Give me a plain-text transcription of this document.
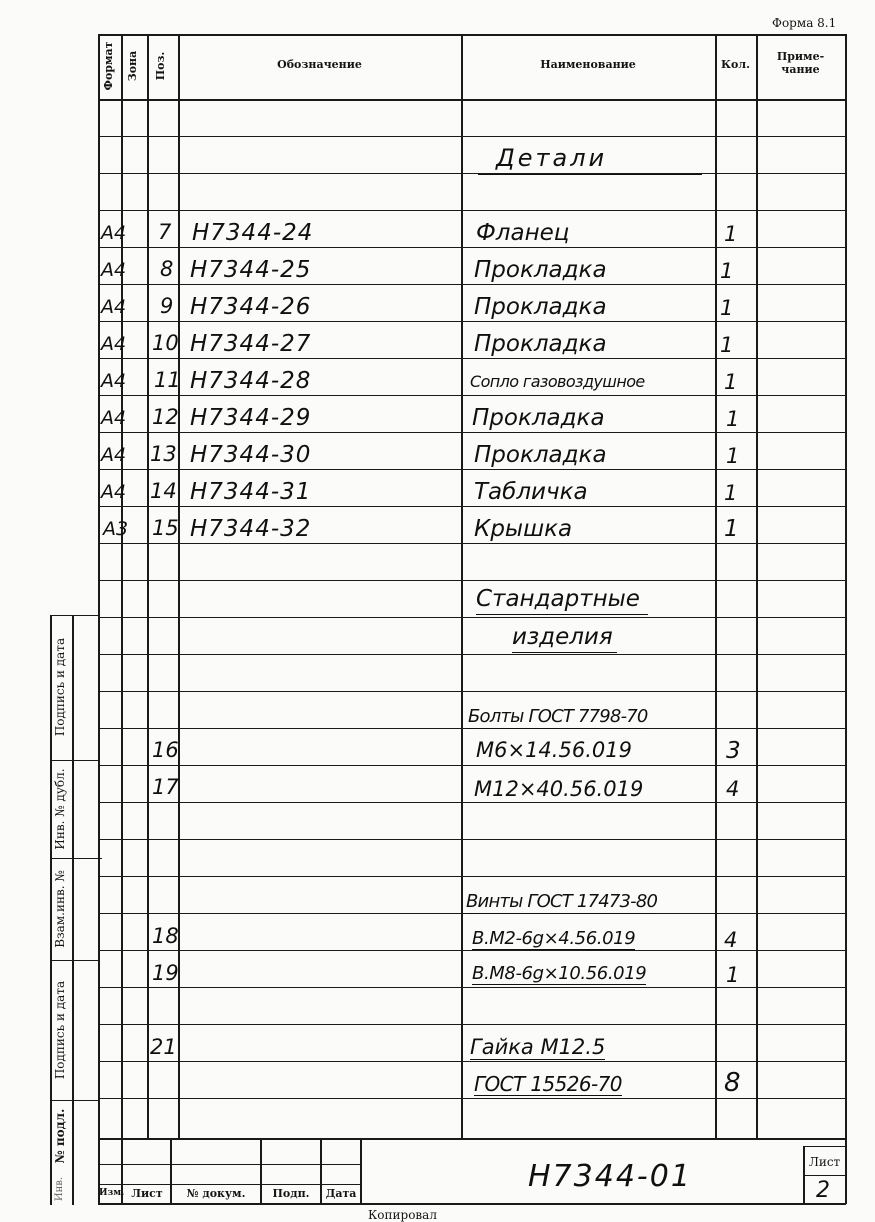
Форма 8.1
Формат Зона Поз.	Обозначение	Наименование	Кол.
Приме-
чание
Детали
А4 7 Н7344-24	Фланец	1
А4 8 Н7344-25	Прокладка	1
А4 9 Н7344-26	Прокладка	1
А4 10 Н7344-27	Прокладка	1
А4 11 Н7344-28	Сопло газовоздушное	1
А4 12 Н7344-29	Прокладка	1
А4 13 Н7344-30	Прокладка	1
А4 14 Н7344-31	Табличка	1
А3 15 Н7344-32	Крышка	1
Стандартные
изделия
Болты ГОСТ 7798-70
16	М6×14.56.019	3
17	М12×40.56.019	4
Винты ГОСТ 17473-80
18	В.М2-6g×4.56.019	4
19	В.М8-6g×10.56.019	1
21	Гайка М12.5
ГОСТ 15526-70	8
Подпись и дата
Инв. № дубл.
Взам.инв. №
Подпись и дата
№ подл.
Инв.	Изм. Лист	№ докум.	Подп.	Дата	Н7344-01	Лист
2
Копировал
